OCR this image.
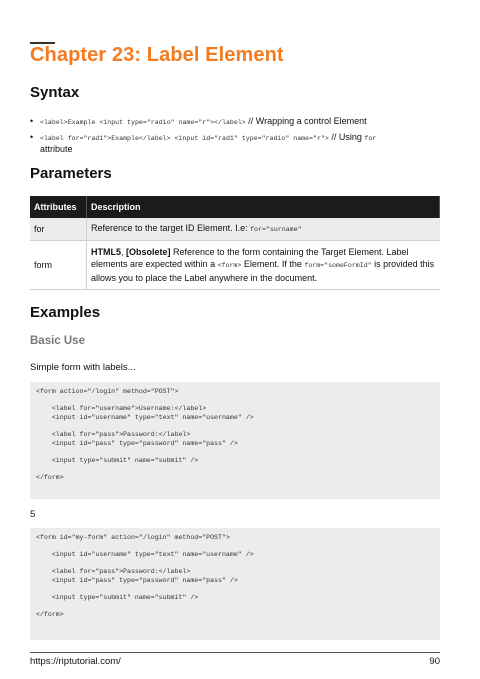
Chapter 23: Label Element
Syntax
• <label>Example <input type="radio" name="r"></label> // Wrapping a control Element
• <label for="rad1">Example</label> <input id="rad1" type="radio" name="r"> // Using for
attribute
Parameters
Attributes	Description
for	Reference to the target ID Element. I.e: for="surname"
form	HTML5, [Obsolete] Reference to the form containing the Target Element. Label elements are expected within a <form> Element. If the form="someFormId" is provided this allows you to place the Label anywhere in the document.
Examples
Basic Use

Simple form with labels...

<form action="/login" method="POST">
<label for="username">Username:</label>
<input id="username" type="text" name="username" />
<label for="pass">Password:</label>
<input id="pass" type="password" name="pass" />
<input type="submit" name="submit" />
</form>

5

<form id="my-form" action="/login" method="POST">
<input id="username" type="text" name="username" />
<label for="pass">Password:</label>
<input id="pass" type="password" name="pass" />
<input type="submit" name="submit" />
</form>
https://riptutorial.com/	90
